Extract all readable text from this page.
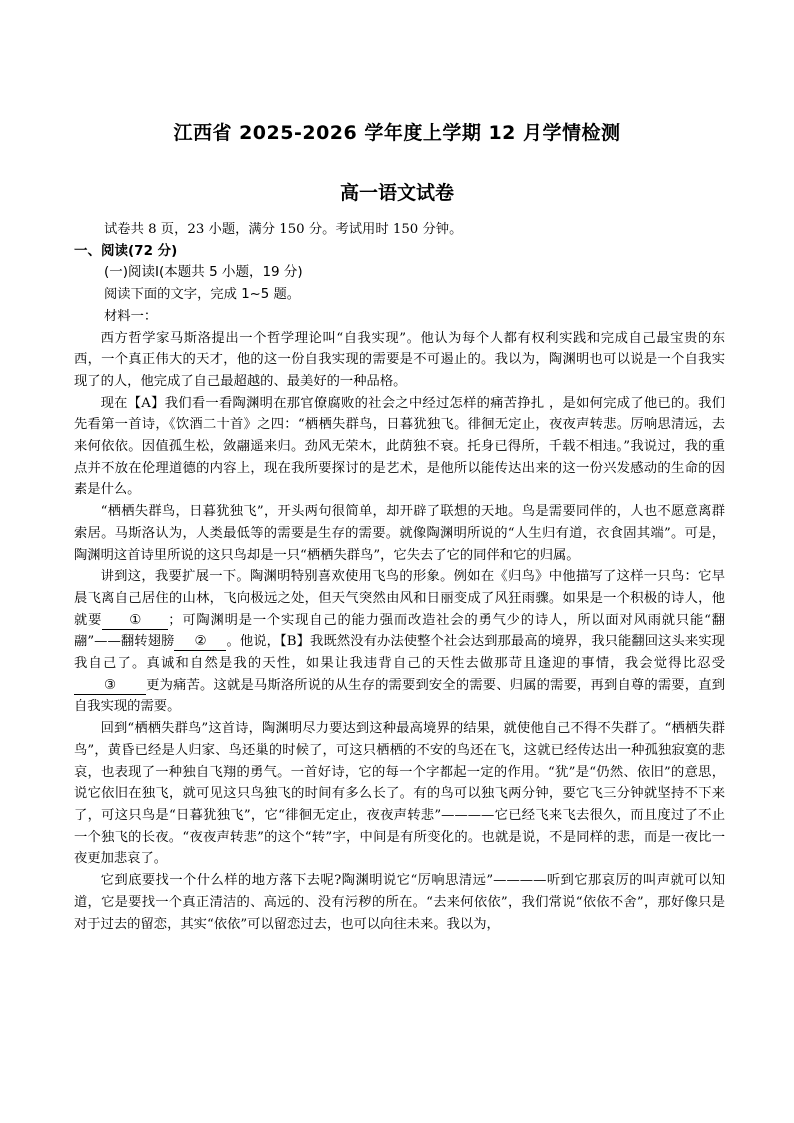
江西省 2025-2026 学年度上学期 12 月学情检测
高一语文试卷

试卷共 8 页，23 小题，满分 150 分。考试用时 150 分钟。

一、阅读(72 分)

(一)阅读Ⅰ(本题共 5 小题，19 分)

阅读下面的文字，完成 1~5 题。

材料一：

西方哲学家马斯洛提出一个哲学理论叫“自我实现”。他认为每个人都有权利实践和完成自己最宝贵的东西，一个真正伟大的天才，他的这一份自我实现的需要是不可遏止的。我以为，陶渊明也可以说是一个自我实现了的人，他完成了自己最超越的、最美好的一种品格。

现在【A】我们看一看陶渊明在那官僚腐败的社会之中经过怎样的痛苦挣扎 ，是如何完成了他已的。我们先看第一首诗，《饮酒二十首》之四：“栖栖失群鸟，日暮犹独飞。徘徊无定止，夜夜声转悲。厉响思清远，去来何依依。因值孤生松，敛翮遥来归。劲风无荣木，此荫独不衰。托身已得所，千载不相违。”我说过，我的重点并不放在伦理道德的内容上，现在我所要探讨的是艺术，是他所以能传达出来的这一份兴发感动的生命的因素是什么。

“栖栖失群鸟，日暮犹独飞”，开头两句很简单，却开辟了联想的天地。鸟是需要同伴的，人也不愿意离群索居。马斯洛认为，人类最低等的需要是生存的需要。就像陶渊明所说的“人生归有道，衣食固其端”。可是，陶渊明这首诗里所说的这只鸟却是一只“栖栖失群鸟”，它失去了它的同伴和它的归属。

讲到这，我要扩展一下。陶渊明特别喜欢使用飞鸟的形象。例如在《归鸟》中他描写了这样一只鸟：它早晨飞离自己居住的山林，飞向极远之处，但天气突然由风和日丽变成了风狂雨骤。如果是一个积极的诗人，他就要 ① ；可陶渊明是一个实现自己的能力强而改造社会的勇气少的诗人，所以面对风雨就只能“翻翮”——翻转翅膀 ② 。他说，【B】我既然没有办法使整个社会达到那最高的境界，我只能翻回这头来实现我自己了。真诚和自然是我的天性，如果让我违背自己的天性去做那苛且逢迎的事情，我会觉得比忍受③ 更为痛苦。这就是马斯洛所说的从生存的需要到安全的需要、归属的需要，再到自尊的需要，直到自我实现的需要。

回到“栖栖失群鸟”这首诗，陶渊明尽力要达到这种最高境界的结果，就使他自己不得不失群了。“栖栖失群鸟”，黄昏已经是人归家、鸟还巢的时候了，可这只栖栖的不安的鸟还在飞，这就已经传达出一种孤独寂寞的悲哀，也表现了一种独自飞翔的勇气。一首好诗，它的每一个字都起一定的作用。“犹”是“仍然、依旧”的意思，说它依旧在独飞，就可见这只鸟独飞的时间有多么长了。有的鸟可以独飞两分钟，要它飞三分钟就坚持不下来了，可这只鸟是“日暮犹独飞”，它“徘徊无定止，夜夜声转悲”————它已经飞来飞去很久，而且度过了不止一个独飞的长夜。“夜夜声转悲”的这个“转”字，中间是有所变化的。也就是说，不是同样的悲，而是一夜比一夜更加悲哀了。

它到底要找一个什么样的地方落下去呢?陶渊明说它“厉响思清远”————听到它那哀厉的叫声就可以知道，它是要找一个真正清洁的、高远的、没有污秽的所在。“去来何依依”，我们常说“依依不舍”，那好像只是对于过去的留恋，其实“依依”可以留恋过去，也可以向往未来。我以为，
